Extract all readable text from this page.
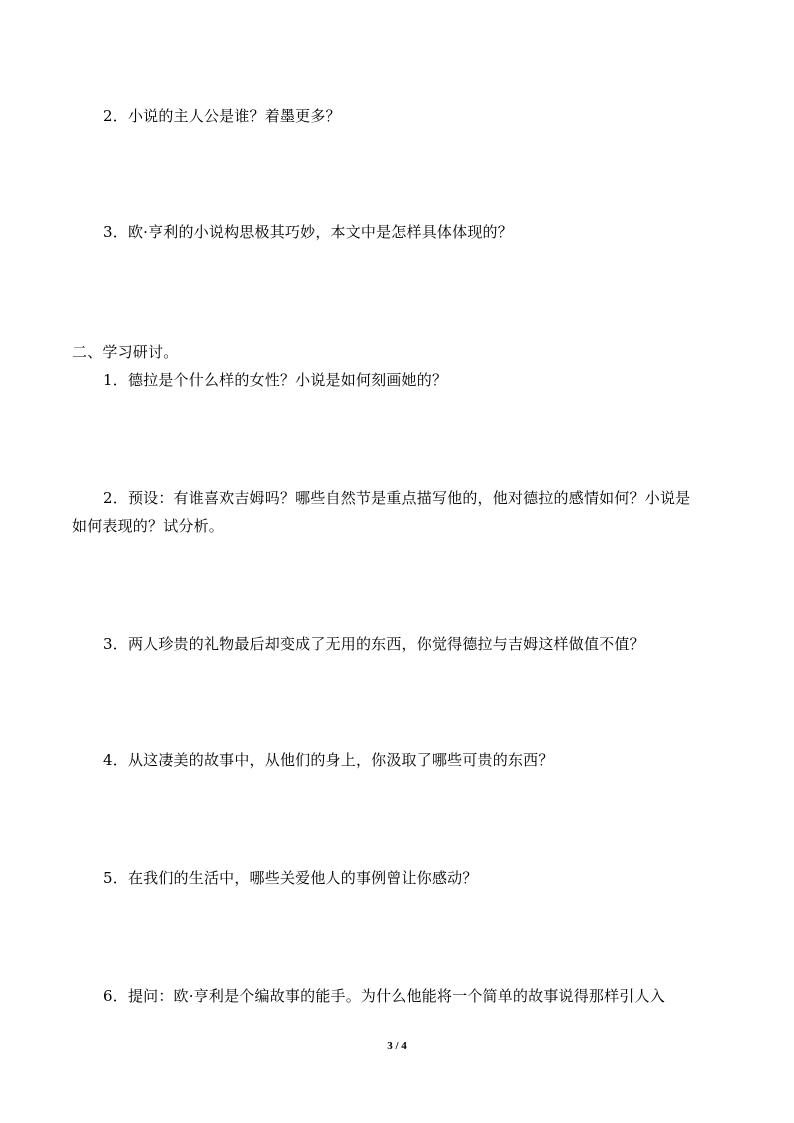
2．小说的主人公是谁？着墨更多？
3．欧·亨利的小说构思极其巧妙，本文中是怎样具体体现的？
二、学习研讨。
1．德拉是个什么样的女性？小说是如何刻画她的？
2．预设：有谁喜欢吉姆吗？哪些自然节是重点描写他的，他对德拉的感情如何？小说是
如何表现的？试分析。
3．两人珍贵的礼物最后却变成了无用的东西，你觉得德拉与吉姆这样做值不值？
4．从这凄美的故事中，从他们的身上，你汲取了哪些可贵的东西？
5．在我们的生活中，哪些关爱他人的事例曾让你感动？
6．提问：欧·亨利是个编故事的能手。为什么他能将一个简单的故事说得那样引人入
3 / 4
